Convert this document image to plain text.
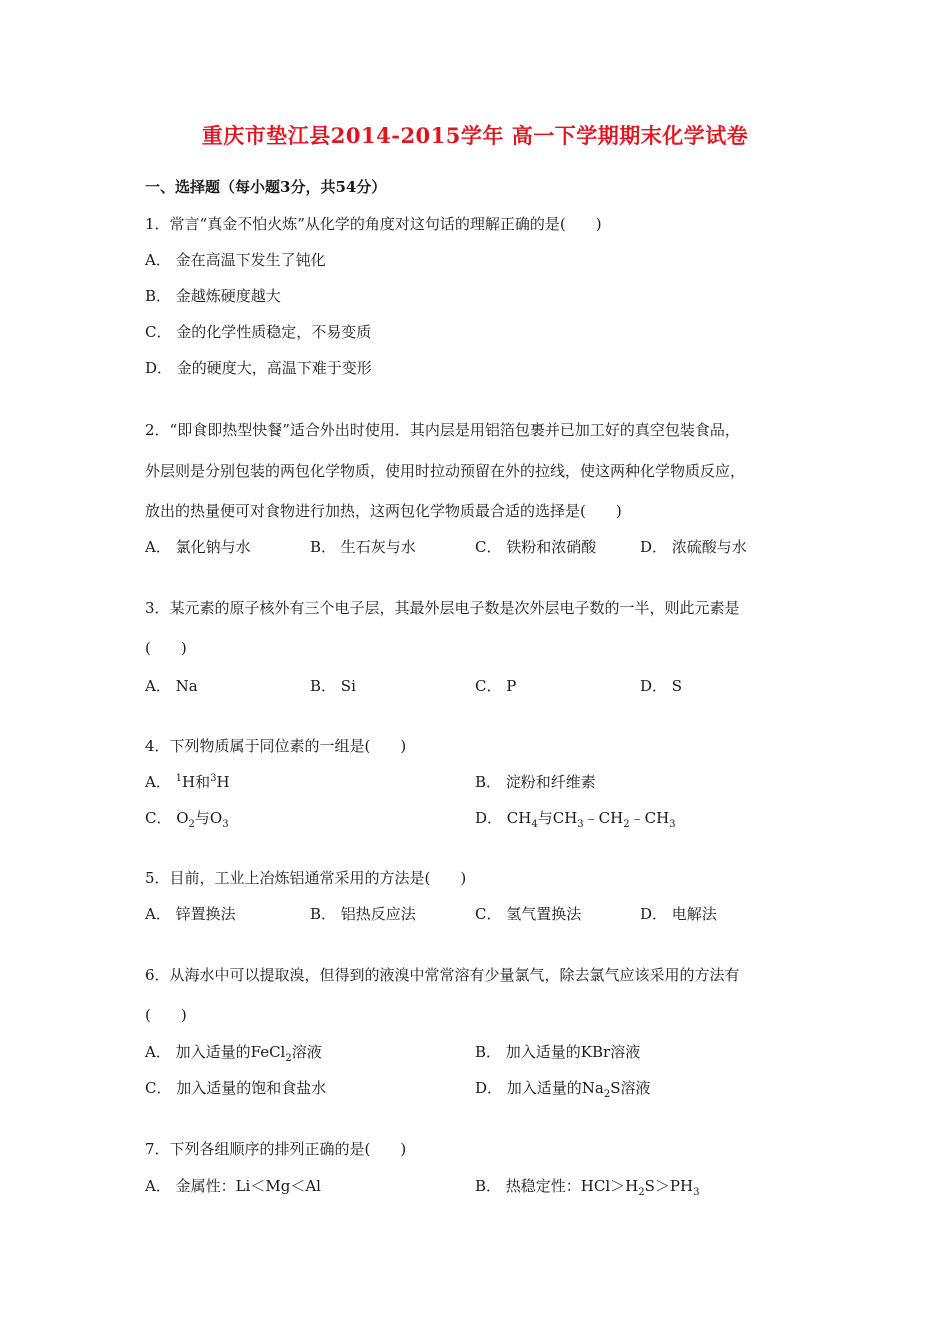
重庆市垫江县2014-2015学年 高一下学期期末化学试卷
一、选择题（每小题3分，共54分）
1．常言“真金不怕火炼”从化学的角度对这句话的理解正确的是(　　)
A． 金在高温下发生了钝化
B． 金越炼硬度越大
C． 金的化学性质稳定，不易变质
D． 金的硬度大，高温下难于变形
2．“即食即热型快餐”适合外出时使用．其内层是用铝箔包裹并已加工好的真空包装食品，
外层则是分别包装的两包化学物质，使用时拉动预留在外的拉线，使这两种化学物质反应，
放出的热量便可对食物进行加热，这两包化学物质最合适的选择是(　　)
A． 氯化钠与水	B． 生石灰与水	C． 铁粉和浓硝酸	D． 浓硫酸与水
3．某元素的原子核外有三个电子层，其最外层电子数是次外层电子数的一半，则此元素是
(　　)
A． Na	B． Si	C． P	D． S
4．下列物质属于同位素的一组是(　　)
A． $^1$H和$^3$H	B． 淀粉和纤维素
C． $O_2$与$O_3$	D． $CH_4$与$CH_3﹣CH_2﹣CH_3$
5．目前，工业上冶炼铝通常采用的方法是(　　)
A． 锌置换法	B． 铝热反应法	C． 氢气置换法	D． 电解法
6．从海水中可以提取溴，但得到的液溴中常常溶有少量氯气，除去氯气应该采用的方法有
(　　)
A． 加入适量的FeCl$_2$溶液	B． 加入适量的KBr溶液
C． 加入适量的饱和食盐水	D． 加入适量的$Na_2S$溶液
7．下列各组顺序的排列正确的是(　　)
A． 金属性：Li＜Mg＜Al	B． 热稳定性：$HCl>H_2S>PH_3$
